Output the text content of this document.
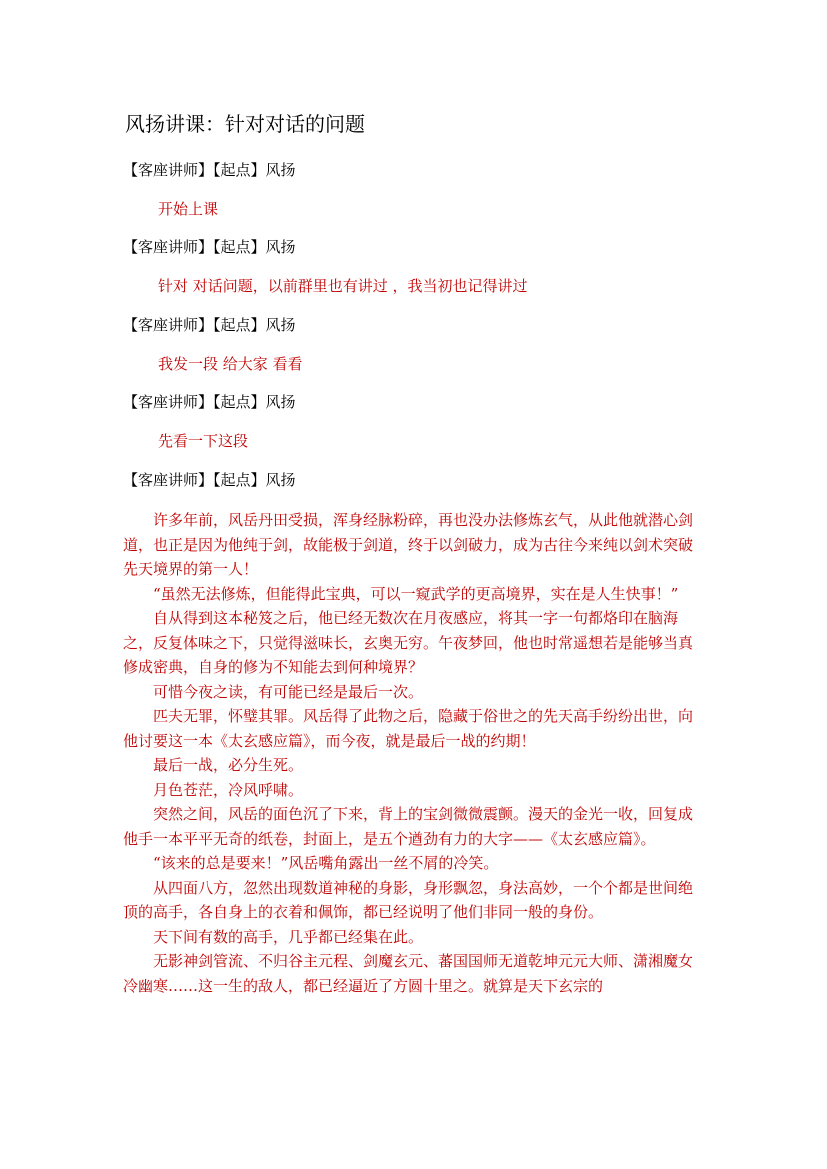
风扬讲课：针对对话的问题
【客座讲师】【起点】风扬
开始上课
【客座讲师】【起点】风扬
针对 对话问题，以前群里也有讲过 ，我当初也记得讲过
【客座讲师】【起点】风扬
我发一段 给大家 看看
【客座讲师】【起点】风扬
先看一下这段
【客座讲师】【起点】风扬

许多年前，风岳丹田受损，浑身经脉粉碎，再也没办法修炼玄气，从此他就潜心剑道，也正是因为他纯于剑，故能极于剑道，终于以剑破力，成为古往今来纯以剑术突破先天境界的第一人！

“虽然无法修炼，但能得此宝典，可以一窥武学的更高境界，实在是人生快事！”

自从得到这本秘笈之后，他已经无数次在月夜感应，将其一字一句都烙印在脑海之，反复体味之下，只觉得滋味长，玄奥无穷。午夜梦回，他也时常遥想若是能够当真修成密典，自身的修为不知能去到何种境界？

可惜今夜之读，有可能已经是最后一次。

匹夫无罪，怀璧其罪。风岳得了此物之后，隐藏于俗世之的先天高手纷纷出世，向他讨要这一本《太玄感应篇》，而今夜，就是最后一战的约期！

最后一战，必分生死。

月色苍茫，冷风呼啸。

突然之间，风岳的面色沉了下来，背上的宝剑微微震颤。漫天的金光一收，回复成他手一本平平无奇的纸卷，封面上，是五个遒劲有力的大字——《太玄感应篇》。

“该来的总是要来！”风岳嘴角露出一丝不屑的冷笑。

从四面八方，忽然出现数道神秘的身影，身形飘忽，身法高妙，一个个都是世间绝顶的高手，各自身上的衣着和佩饰，都已经说明了他们非同一般的身份。

天下间有数的高手，几乎都已经集在此。

无影神剑管流、不归谷主元程、剑魔玄元、蕃国国师无道乾坤元元大师、潇湘魔女冷幽寒……这一生的敌人，都已经逼近了方圆十里之。就算是天下玄宗的
